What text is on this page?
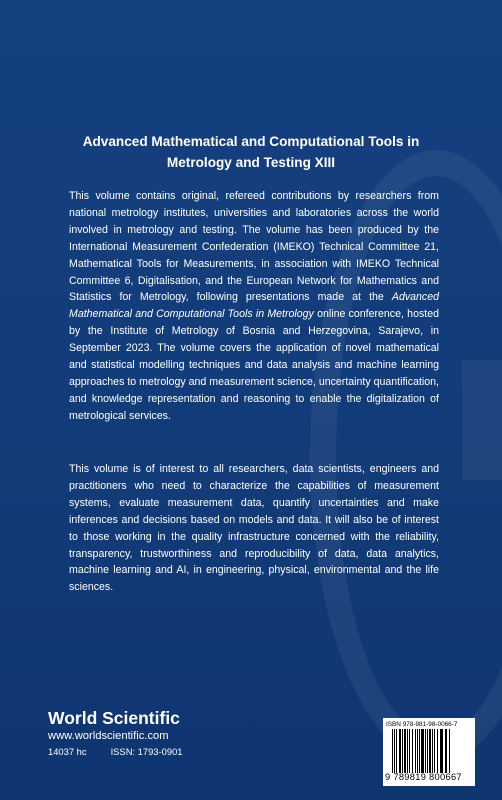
Advanced Mathematical and Computational Tools in
Metrology and Testing XIII

This volume contains original, refereed contributions by researchers from national metrology institutes, universities and laboratories across the world involved in metrology and testing. The volume has been produced by the International Measurement Confederation (IMEKO) Technical Committee 21, Mathematical Tools for Measurements, in association with IMEKO Technical Committee 6, Digitalisation, and the European Network for Mathematics and Statistics for Metrology, following presentations made at the Advanced Mathematical and Computational Tools in Metrology online conference, hosted by the Institute of Metrology of Bosnia and Herzegovina, Sarajevo, in September 2023. The volume covers the application of novel mathematical and statistical modelling techniques and data analysis and machine learning approaches to metrology and measurement science, uncertainty quantification, and knowledge representation and reasoning to enable the digitalization of metrological services.

This volume is of interest to all researchers, data scientists, engineers and practitioners who need to characterize the capabilities of measurement systems, evaluate measurement data, quantify uncertainties and make inferences and decisions based on models and data. It will also be of interest to those working in the quality infrastructure concerned with the reliability, transparency, trustworthiness and reproducibility of data, data analytics, machine learning and AI, in engineering, physical, environmental and the life sciences.

World Scientific
www.worldscientific.com
14037 hc	ISSN: 1793-0901
ISBN 978-981-98-0066-7
9 789819 800667
